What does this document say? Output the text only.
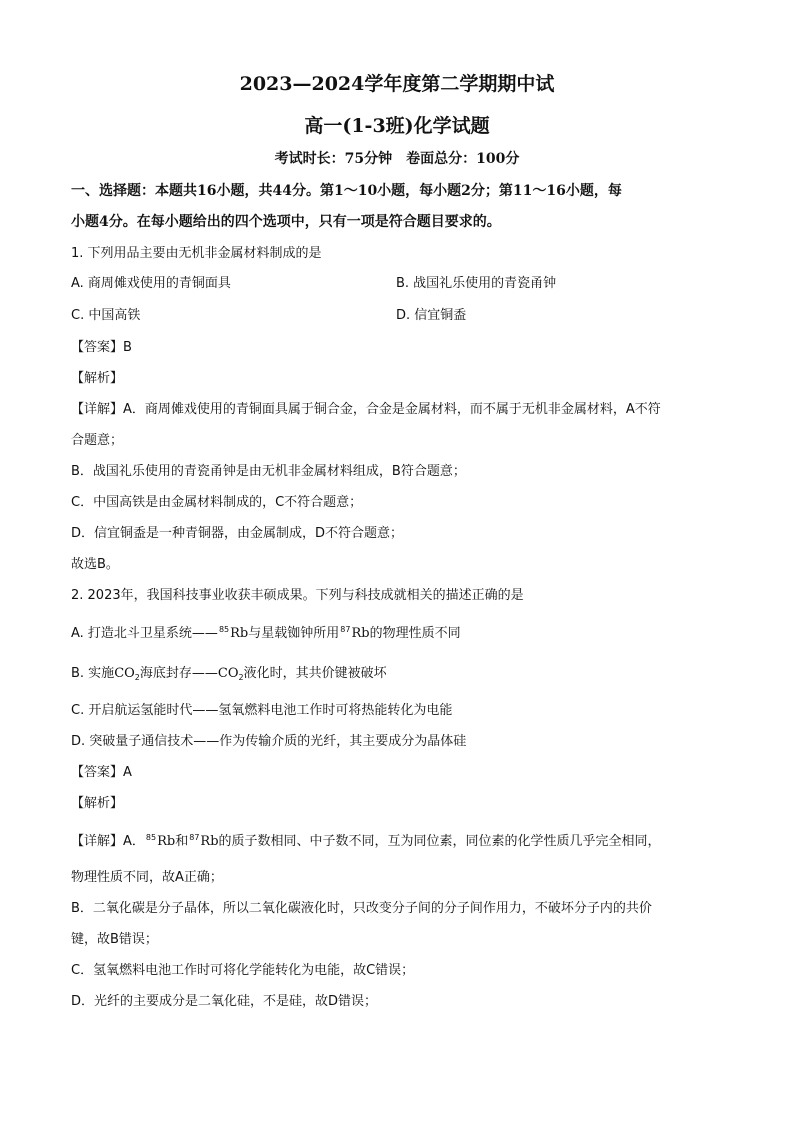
2023—2024学年度第二学期期中试
高一(1-3班)化学试题
考试时长：75分钟　卷面总分：100分
一、选择题：本题共16小题，共44分。第1～10小题，每小题2分；第11～16小题，每
小题4分。在每小题给出的四个选项中，只有一项是符合题目要求的。
1. 下列用品主要由无机非金属材料制成的是
A. 商周傩戏使用的青铜面具	B. 战国礼乐使用的青瓷甬钟
C. 中国高铁	D. 信宜铜盉
【答案】B
【解析】
【详解】A．商周傩戏使用的青铜面具属于铜合金，合金是金属材料，而不属于无机非金属材料，A不符
合题意；
B．战国礼乐使用的青瓷甬钟是由无机非金属材料组成，B符合题意；
C．中国高铁是由金属材料制成的，C不符合题意；
D．信宜铜盉是一种青铜器，由金属制成，D不符合题意；
故选B。
2. 2023年，我国科技事业收获丰硕成果。下列与科技成就相关的描述正确的是
A. 打造北斗卫星系统——$^{85}$Rb与星载铷钟所用$^{87}$Rb的物理性质不同
B. 实施$CO_2$海底封存$——CO_2$液化时，其共价键被破坏
C. 开启航运氢能时代——氢氧燃料电池工作时可将热能转化为电能
D. 突破量子通信技术——作为传输介质的光纤，其主要成分为晶体硅
【答案】A
【解析】
【详解】A．$^{85}$Rb和$^{87}$Rb的质子数相同、中子数不同，互为同位素，同位素的化学性质几乎完全相同，
物理性质不同，故A正确；
B．二氧化碳是分子晶体，所以二氧化碳液化时，只改变分子间的分子间作用力，不破坏分子内的共价
键，故B错误；
C．氢氧燃料电池工作时可将化学能转化为电能，故C错误；
D．光纤的主要成分是二氧化硅，不是硅，故D错误；
